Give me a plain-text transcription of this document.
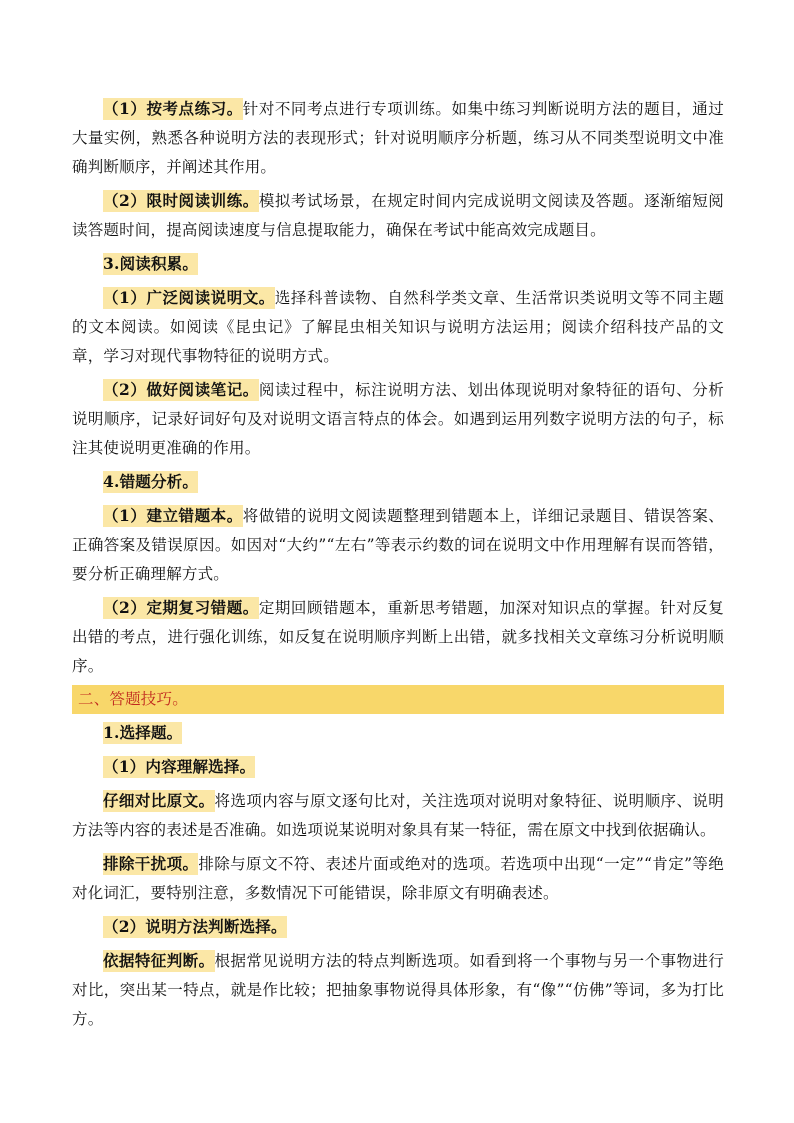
（1）按考点练习。针对不同考点进行专项训练。如集中练习判断说明方法的题目，通过大量实例，熟悉各种说明方法的表现形式；针对说明顺序分析题，练习从不同类型说明文中准确判断顺序，并阐述其作用。

（2）限时阅读训练。模拟考试场景，在规定时间内完成说明文阅读及答题。逐渐缩短阅读答题时间，提高阅读速度与信息提取能力，确保在考试中能高效完成题目。

3.阅读积累。

（1）广泛阅读说明文。选择科普读物、自然科学类文章、生活常识类说明文等不同主题的文本阅读。如阅读《昆虫记》了解昆虫相关知识与说明方法运用；阅读介绍科技产品的文章，学习对现代事物特征的说明方式。

（2）做好阅读笔记。阅读过程中，标注说明方法、划出体现说明对象特征的语句、分析说明顺序，记录好词好句及对说明文语言特点的体会。如遇到运用列数字说明方法的句子，标注其使说明更准确的作用。

4.错题分析。

（1）建立错题本。将做错的说明文阅读题整理到错题本上，详细记录题目、错误答案、正确答案及错误原因。如因对“大约”“左右”等表示约数的词在说明文中作用理解有误而答错，要分析正确理解方式。

（2）定期复习错题。定期回顾错题本，重新思考错题，加深对知识点的掌握。针对反复出错的考点，进行强化训练，如反复在说明顺序判断上出错，就多找相关文章练习分析说明顺序。

二、答题技巧。

1.选择题。

（1）内容理解选择。

仔细对比原文。将选项内容与原文逐句比对，关注选项对说明对象特征、说明顺序、说明方法等内容的表述是否准确。如选项说某说明对象具有某一特征，需在原文中找到依据确认。

排除干扰项。排除与原文不符、表述片面或绝对的选项。若选项中出现“一定”“肯定”等绝对化词汇，要特别注意，多数情况下可能错误，除非原文有明确表述。

（2）说明方法判断选择。

依据特征判断。根据常见说明方法的特点判断选项。如看到将一个事物与另一个事物进行对比，突出某一特点，就是作比较；把抽象事物说得具体形象，有“像”“仿佛”等词，多为打比方。
